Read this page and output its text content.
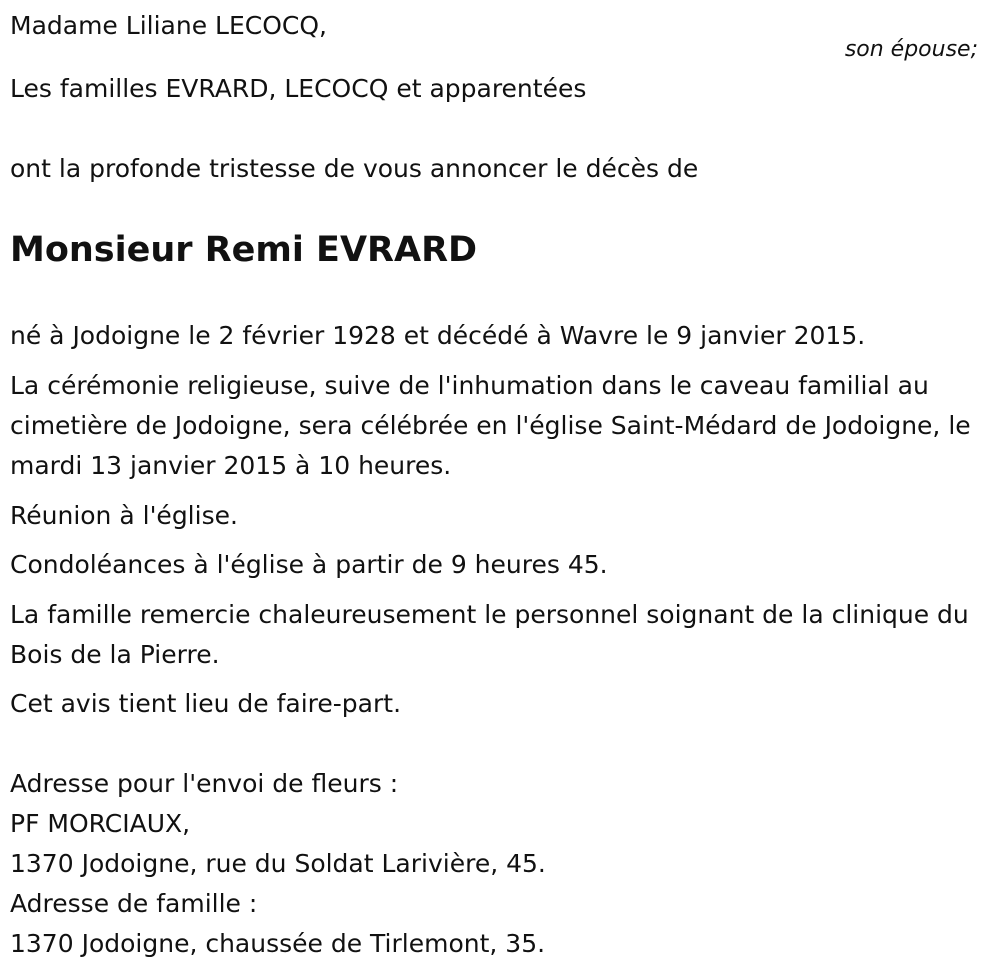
Madame Liliane LECOCQ,
son épouse;
Les familles EVRARD, LECOCQ et apparentées
ont la profonde tristesse de vous annoncer le décès de
Monsieur Remi EVRARD
né à Jodoigne le 2 février 1928 et décédé à Wavre le 9 janvier 2015.
La cérémonie religieuse, suive de l'inhumation dans le caveau familial au cimetière de Jodoigne, sera célébrée en l'église Saint-Médard de Jodoigne, le mardi 13 janvier 2015 à 10 heures.
Réunion à l'église.
Condoléances à l'église à partir de 9 heures 45.
La famille remercie chaleureusement le personnel soignant de la clinique du Bois de la Pierre.
Cet avis tient lieu de faire-part.
Adresse pour l'envoi de fleurs :
PF MORCIAUX,
1370 Jodoigne, rue du Soldat Larivière, 45.
Adresse de famille :
1370 Jodoigne, chaussée de Tirlemont, 35.
